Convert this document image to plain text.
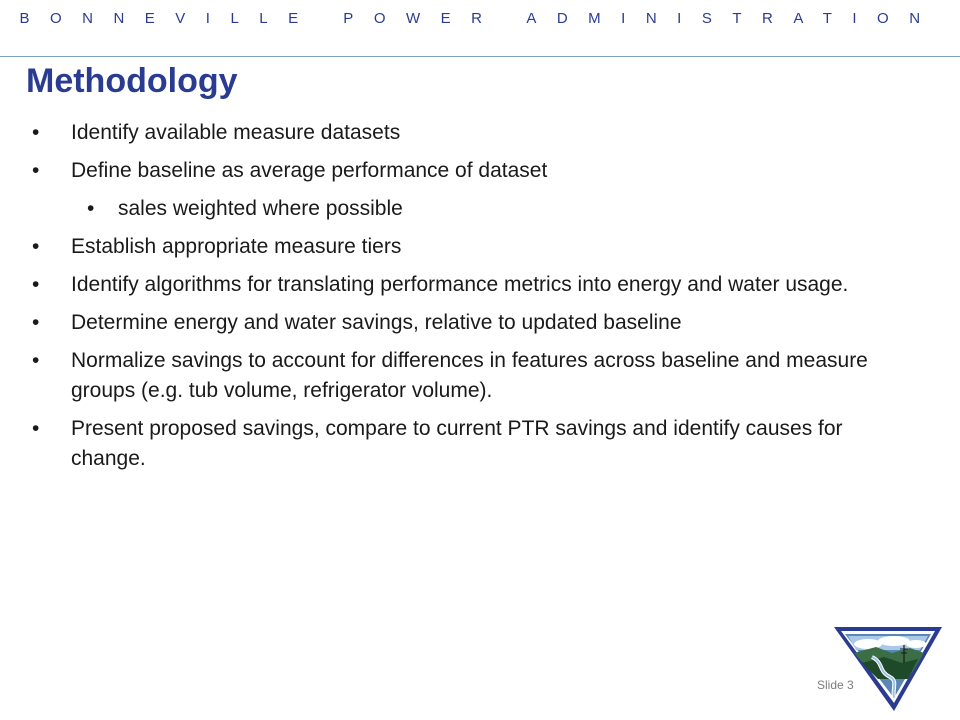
BONNEVILLE POWER ADMINISTRATION
Methodology
• Identify available measure datasets
• Define baseline as average performance of dataset
• sales weighted where possible
• Establish appropriate measure tiers
• Identify algorithms for translating performance metrics into energy and water usage.
• Determine energy and water savings, relative to updated baseline
• Normalize savings to account for differences in features across baseline and measure groups (e.g. tub volume, refrigerator volume).
• Present proposed savings, compare to current PTR savings and identify causes for change.
Slide 3
